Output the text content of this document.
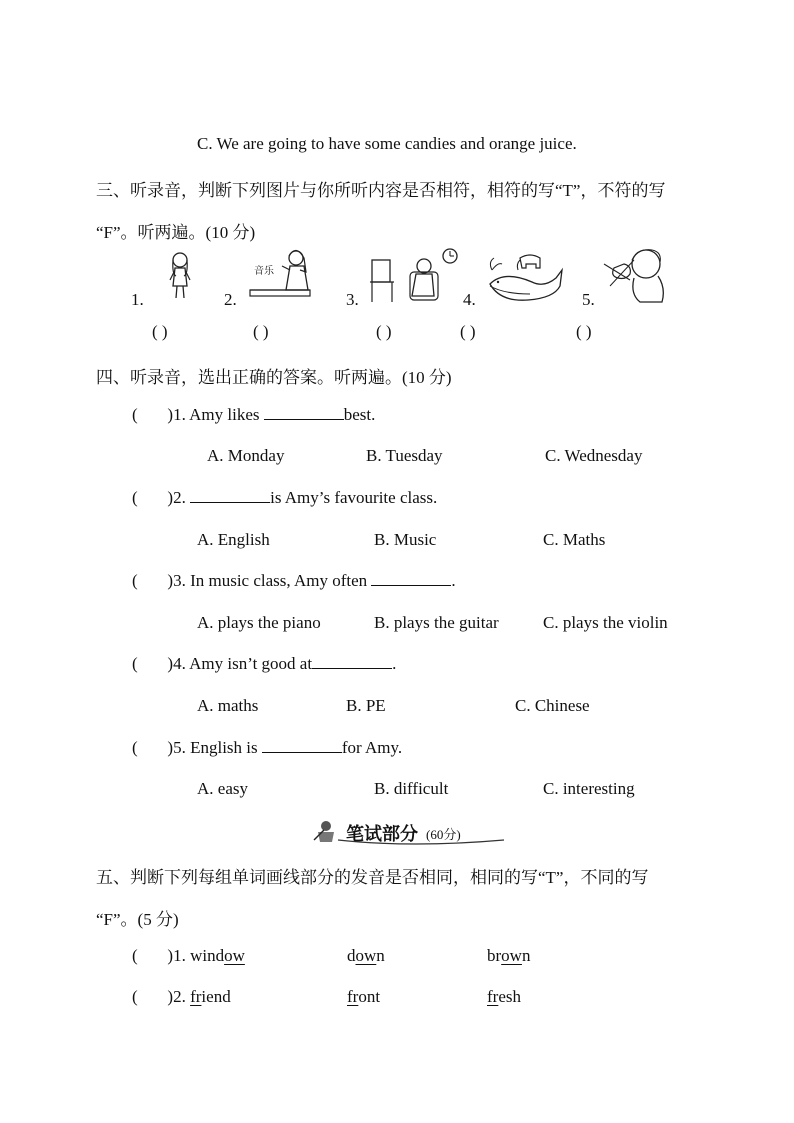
C. We are going to have some candies and orange juice.
三、听录音，判断下列图片与你所听内容是否相符，相符的写“T”，不符的写
“F”。听两遍。(10 分)
1.	2.	3.	4.	5.
音乐
( )	( )	( )	( )	( )
四、听录音，选出正确的答案。听两遍。(10 分)
(       )1. Amy likes	best.
A. Monday	B. Tuesday	C. Wednesday
(       )2.	is Amy’s favourite class.
A. English	B. Music	C. Maths
(       )3. In music class, Amy often	.
A. plays the piano	B. plays the guitar	C. plays the violin
(       )4. Amy isn’t good at	.
A. maths	B. PE	C. Chinese
(       )5. English is	for Amy.
A. easy	B. difficult	C. interesting
笔试部分 (60分)
五、判断下列每组单词画线部分的发音是否相同，相同的写“T”，不同的写
“F”。(5 分)
(       )1. window	down	brown
(       )2. friend	front	fresh
